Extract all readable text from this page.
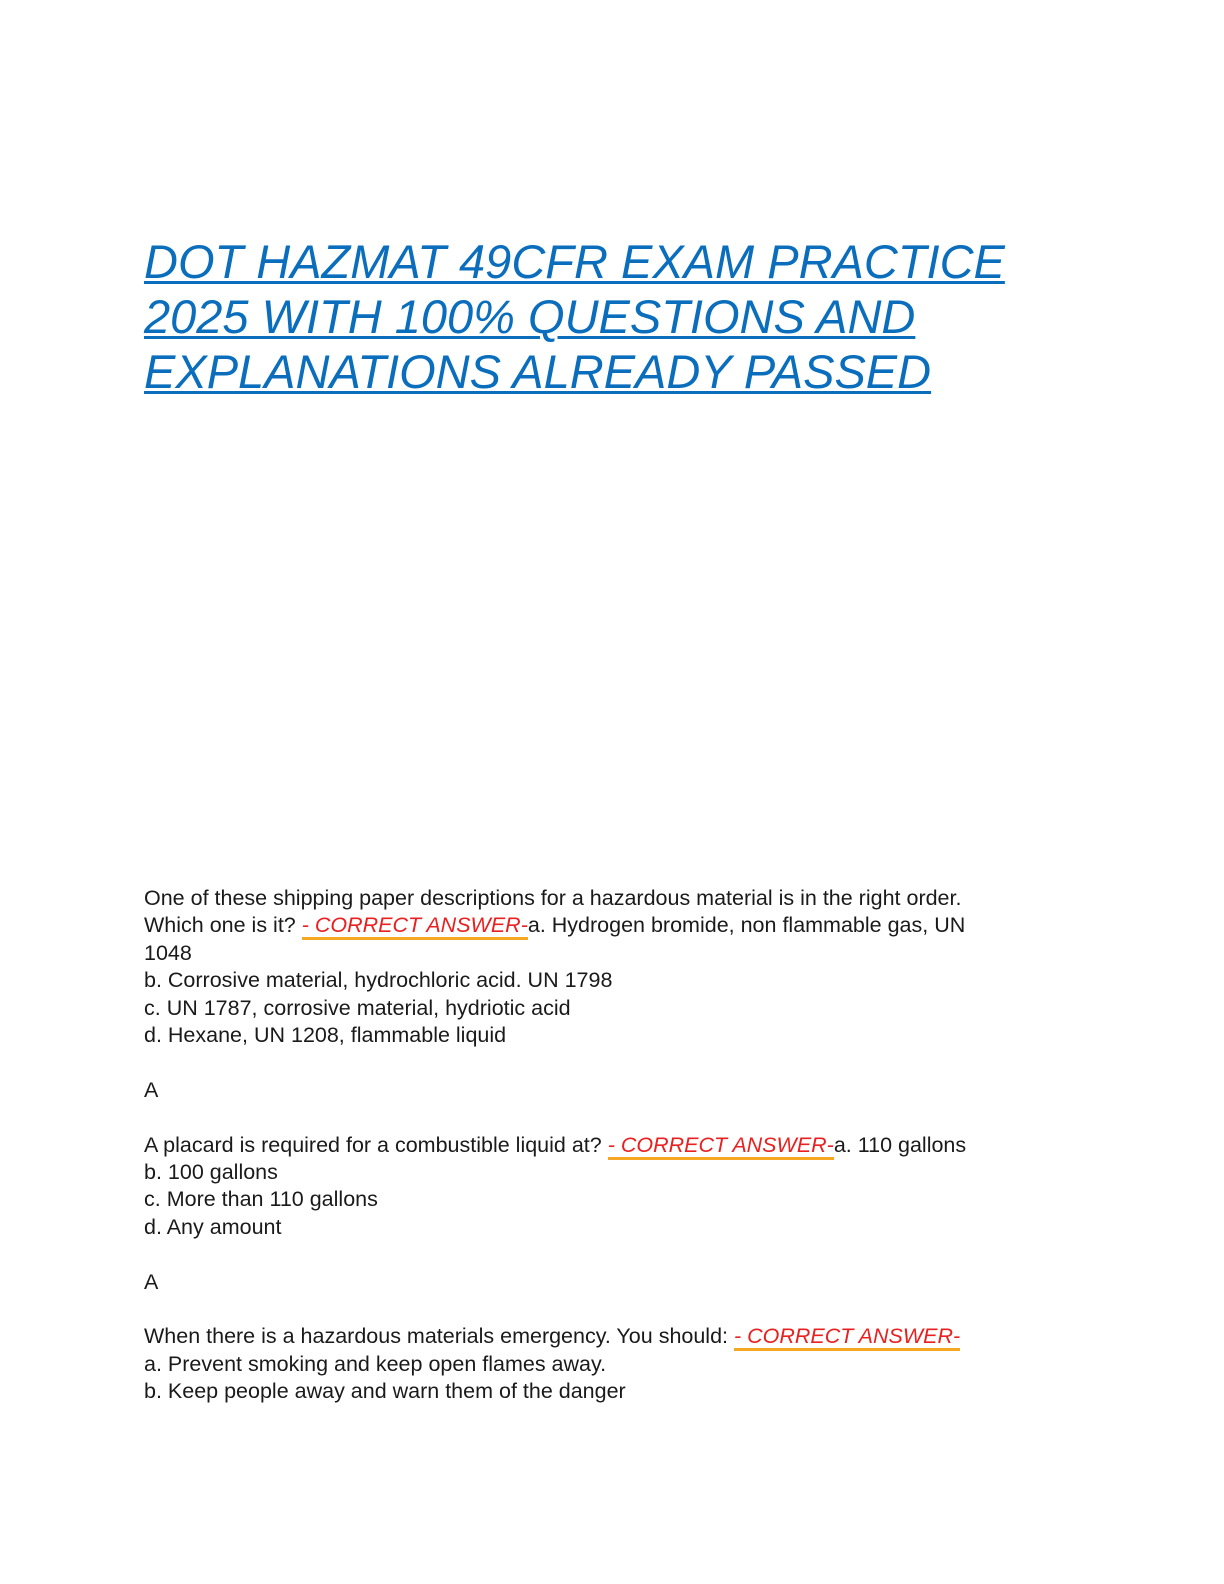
DOT HAZMAT 49CFR EXAM PRACTICE
2025 WITH 100% QUESTIONS AND
EXPLANATIONS ALREADY PASSED
One of these shipping paper descriptions for a hazardous material is in the right order.
Which one is it? - CORRECT ANSWER-a. Hydrogen bromide, non flammable gas, UN
1048
b. Corrosive material, hydrochloric acid. UN 1798
c. UN 1787, corrosive material, hydriotic acid
d. Hexane, UN 1208, flammable liquid
A
A placard is required for a combustible liquid at? - CORRECT ANSWER-a. 110 gallons
b. 100 gallons
c. More than 110 gallons
d. Any amount
A
When there is a hazardous materials emergency. You should: - CORRECT ANSWER-
a. Prevent smoking and keep open flames away.
b. Keep people away and warn them of the danger
